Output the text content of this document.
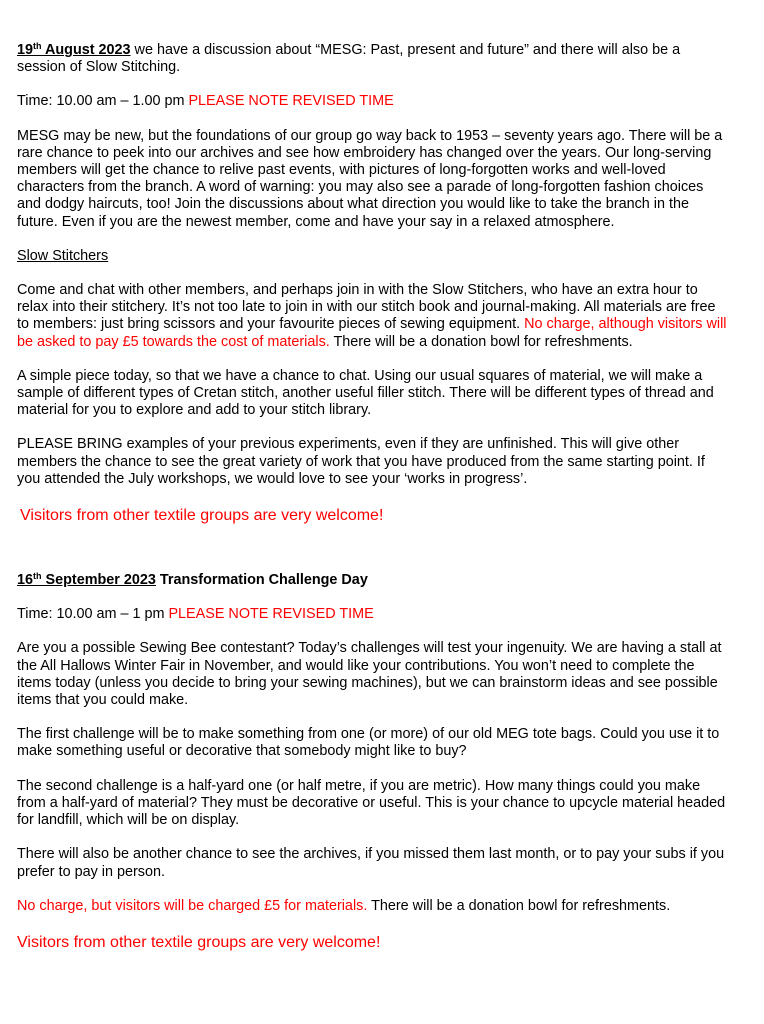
19th August 2023 we have a discussion about “MESG: Past, present and future” and there will also be a session of Slow Stitching.

Time: 10.00 am – 1.00 pm PLEASE NOTE REVISED TIME

MESG may be new, but the foundations of our group go way back to 1953 – seventy years ago. There will be a rare chance to peek into our archives and see how embroidery has changed over the years. Our long-serving members will get the chance to relive past events, with pictures of long-forgotten works and well-loved characters from the branch. A word of warning: you may also see a parade of long-forgotten fashion choices and dodgy haircuts, too! Join the discussions about what direction you would like to take the branch in the future. Even if you are the newest member, come and have your say in a relaxed atmosphere.

Slow Stitchers

Come and chat with other members, and perhaps join in with the Slow Stitchers, who have an extra hour to relax into their stitchery. It’s not too late to join in with our stitch book and journal-making. All materials are free to members: just bring scissors and your favourite pieces of sewing equipment. No charge, although visitors will be asked to pay £5 towards the cost of materials. There will be a donation bowl for refreshments.

A simple piece today, so that we have a chance to chat. Using our usual squares of material, we will make a sample of different types of Cretan stitch, another useful filler stitch. There will be different types of thread and material for you to explore and add to your stitch library.

PLEASE BRING examples of your previous experiments, even if they are unfinished. This will give other members the chance to see the great variety of work that you have produced from the same starting point. If you attended the July workshops, we would love to see your ‘works in progress’.

Visitors from other textile groups are very welcome!

16th September 2023 Transformation Challenge Day

Time: 10.00 am – 1 pm PLEASE NOTE REVISED TIME

Are you a possible Sewing Bee contestant? Today’s challenges will test your ingenuity. We are having a stall at the All Hallows Winter Fair in November, and would like your contributions. You won’t need to complete the items today (unless you decide to bring your sewing machines), but we can brainstorm ideas and see possible items that you could make.

The first challenge will be to make something from one (or more) of our old MEG tote bags. Could you use it to make something useful or decorative that somebody might like to buy?

The second challenge is a half-yard one (or half metre, if you are metric). How many things could you make from a half-yard of material? They must be decorative or useful. This is your chance to upcycle material headed for landfill, which will be on display.

There will also be another chance to see the archives, if you missed them last month, or to pay your subs if you prefer to pay in person.

No charge, but visitors will be charged £5 for materials. There will be a donation bowl for refreshments.

Visitors from other textile groups are very welcome!
